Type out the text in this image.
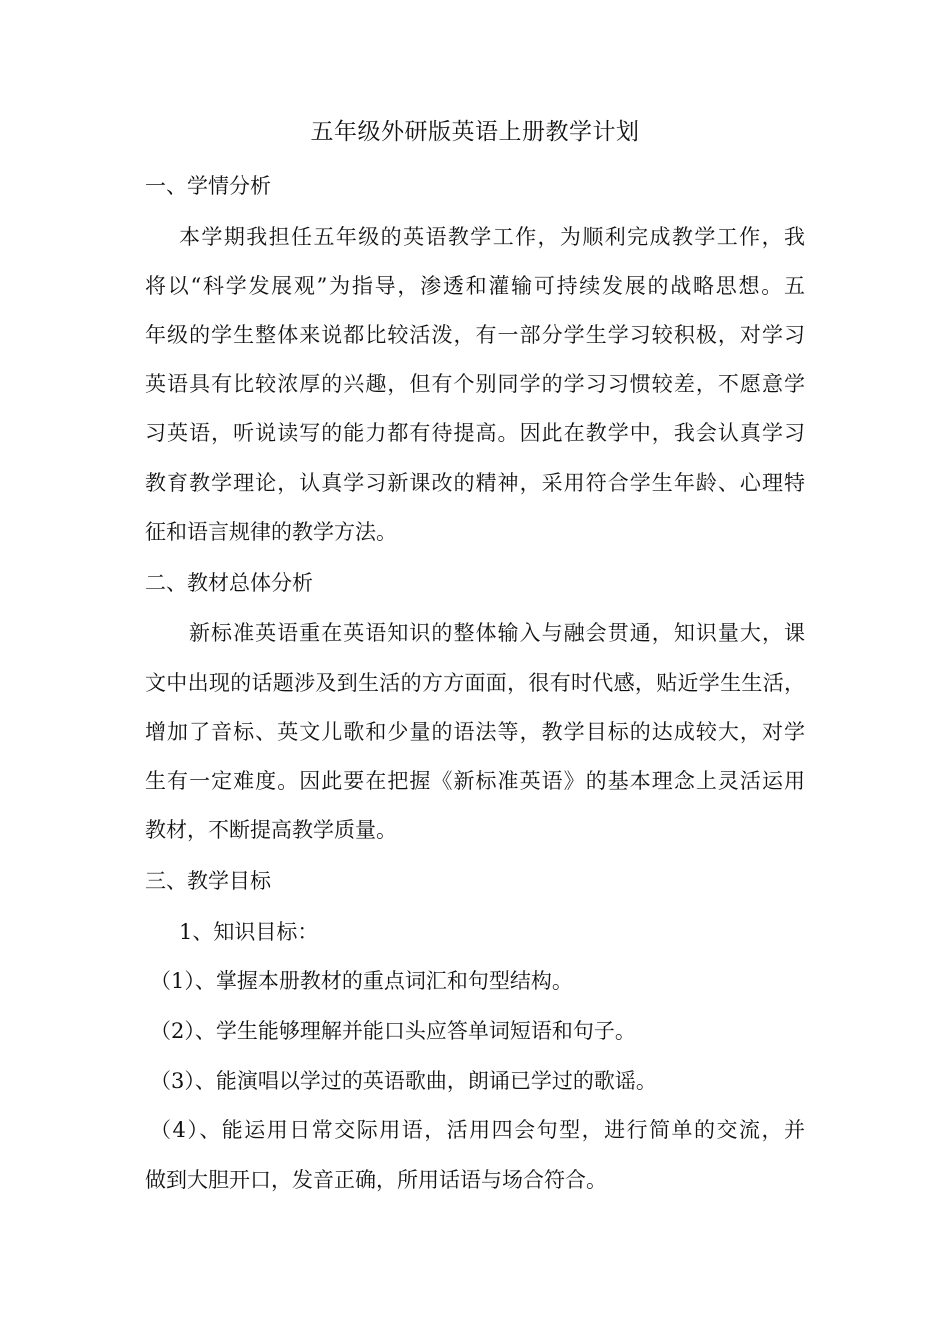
五年级外研版英语上册教学计划
一、学情分析
本学期我担任五年级的英语教学工作，为顺利完成教学工作，我
将以“科学发展观”为指导，渗透和灌输可持续发展的战略思想。五
年级的学生整体来说都比较活泼，有一部分学生学习较积极，对学习
英语具有比较浓厚的兴趣，但有个别同学的学习习惯较差，不愿意学
习英语，听说读写的能力都有待提高。因此在教学中，我会认真学习
教育教学理论，认真学习新课改的精神，采用符合学生年龄、心理特
征和语言规律的教学方法。
二、教材总体分析
新标准英语重在英语知识的整体输入与融会贯通，知识量大，课
文中出现的话题涉及到生活的方方面面，很有时代感，贴近学生生活，
增加了音标、英文儿歌和少量的语法等，教学目标的达成较大，对学
生有一定难度。因此要在把握《新标准英语》的基本理念上灵活运用
教材，不断提高教学质量。
三、教学目标
1、知识目标：
（1）、掌握本册教材的重点词汇和句型结构。
（2）、学生能够理解并能口头应答单词短语和句子。
（3）、能演唱以学过的英语歌曲，朗诵已学过的歌谣。
（4）、能运用日常交际用语，活用四会句型，进行简单的交流，并
做到大胆开口，发音正确，所用话语与场合符合。
